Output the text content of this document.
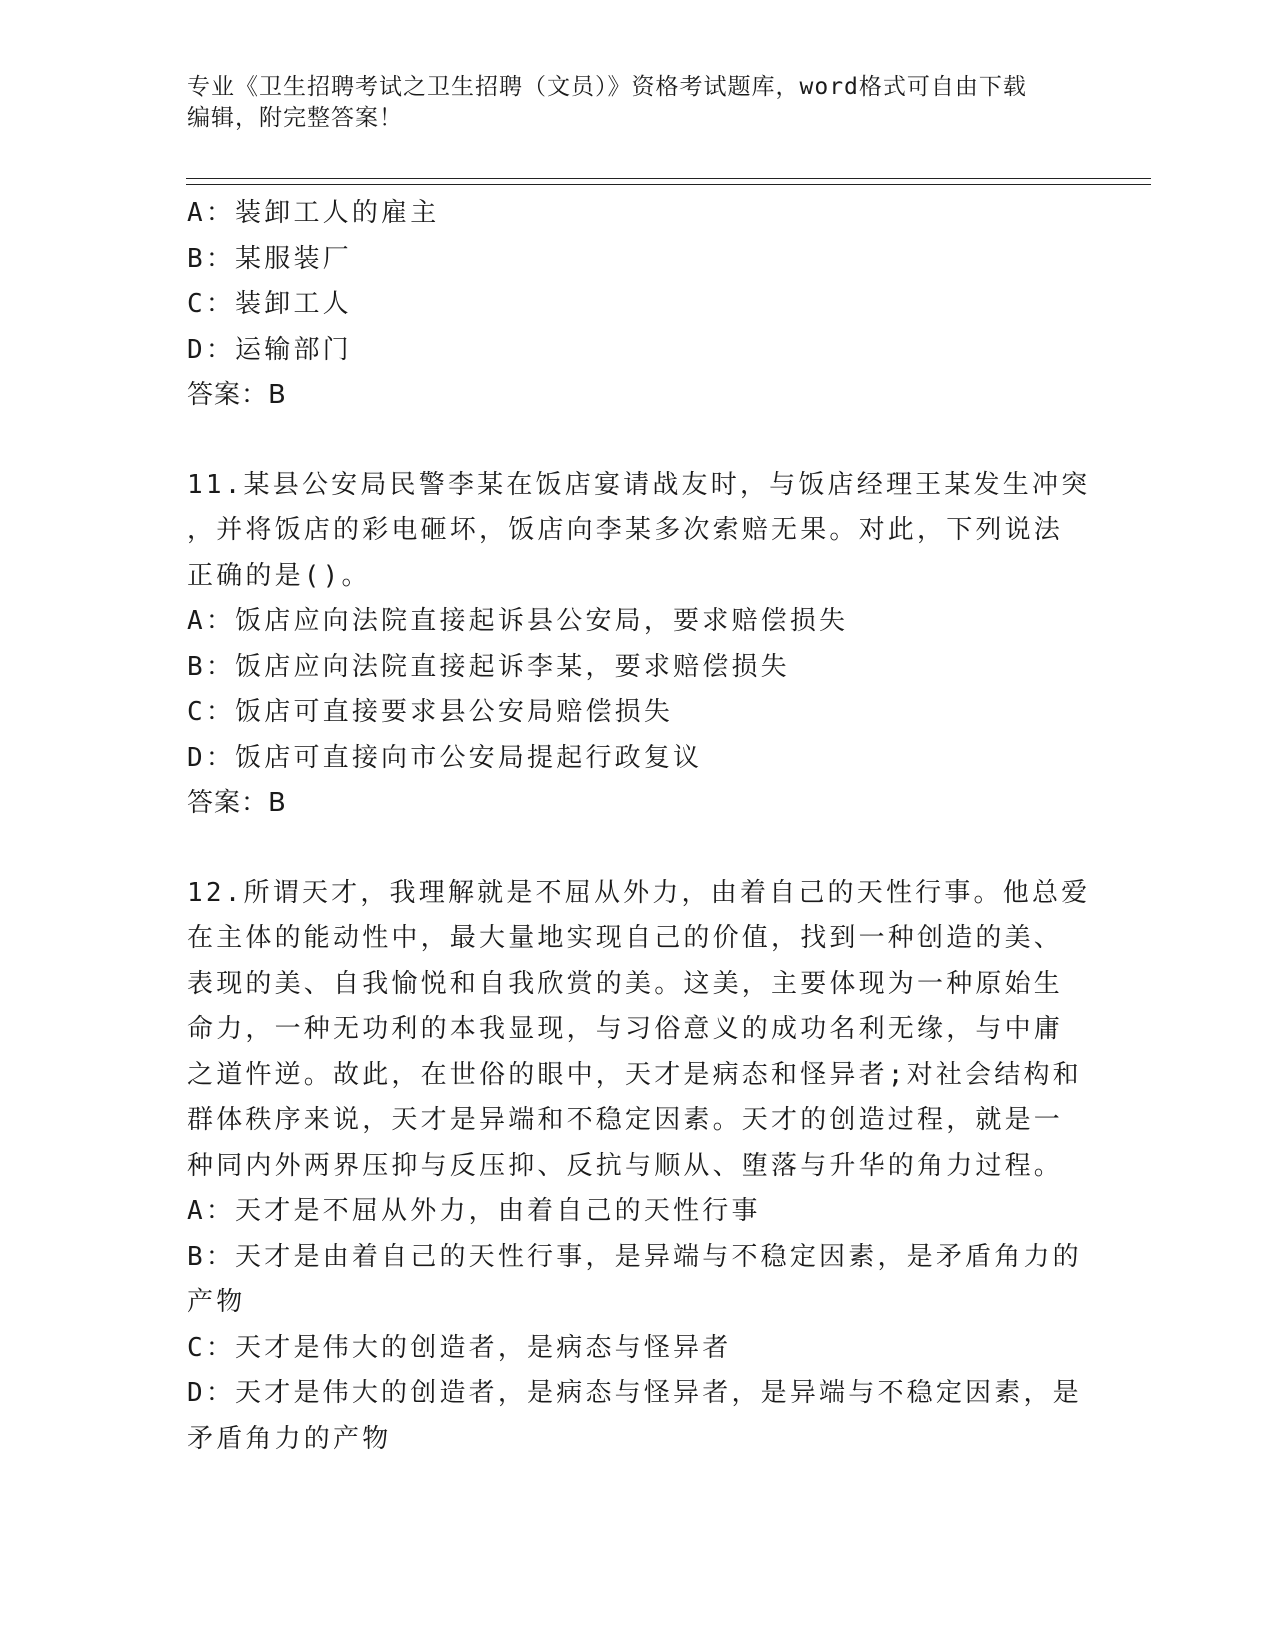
专业《卫生招聘考试之卫生招聘（文员）》资格考试题库，word格式可自由下载
编辑，附完整答案！
A：装卸工人的雇主
B：某服装厂
C：装卸工人
D：运输部门
答案：B
11.某县公安局民警李某在饭店宴请战友时，与饭店经理王某发生冲突
，并将饭店的彩电砸坏，饭店向李某多次索赔无果。对此，下列说法
正确的是()。
A：饭店应向法院直接起诉县公安局，要求赔偿损失
B：饭店应向法院直接起诉李某，要求赔偿损失
C：饭店可直接要求县公安局赔偿损失
D：饭店可直接向市公安局提起行政复议
答案：B
12.所谓天才，我理解就是不屈从外力，由着自己的天性行事。他总爱
在主体的能动性中，最大量地实现自己的价值，找到一种创造的美、
表现的美、自我愉悦和自我欣赏的美。这美，主要体现为一种原始生
命力，一种无功利的本我显现，与习俗意义的成功名利无缘，与中庸
之道忤逆。故此，在世俗的眼中，天才是病态和怪异者;对社会结构和
群体秩序来说，天才是异端和不稳定因素。天才的创造过程，就是一
种同内外两界压抑与反压抑、反抗与顺从、堕落与升华的角力过程。
A：天才是不屈从外力，由着自己的天性行事
B：天才是由着自己的天性行事，是异端与不稳定因素，是矛盾角力的
产物
C：天才是伟大的创造者，是病态与怪异者
D：天才是伟大的创造者，是病态与怪异者，是异端与不稳定因素，是
矛盾角力的产物
